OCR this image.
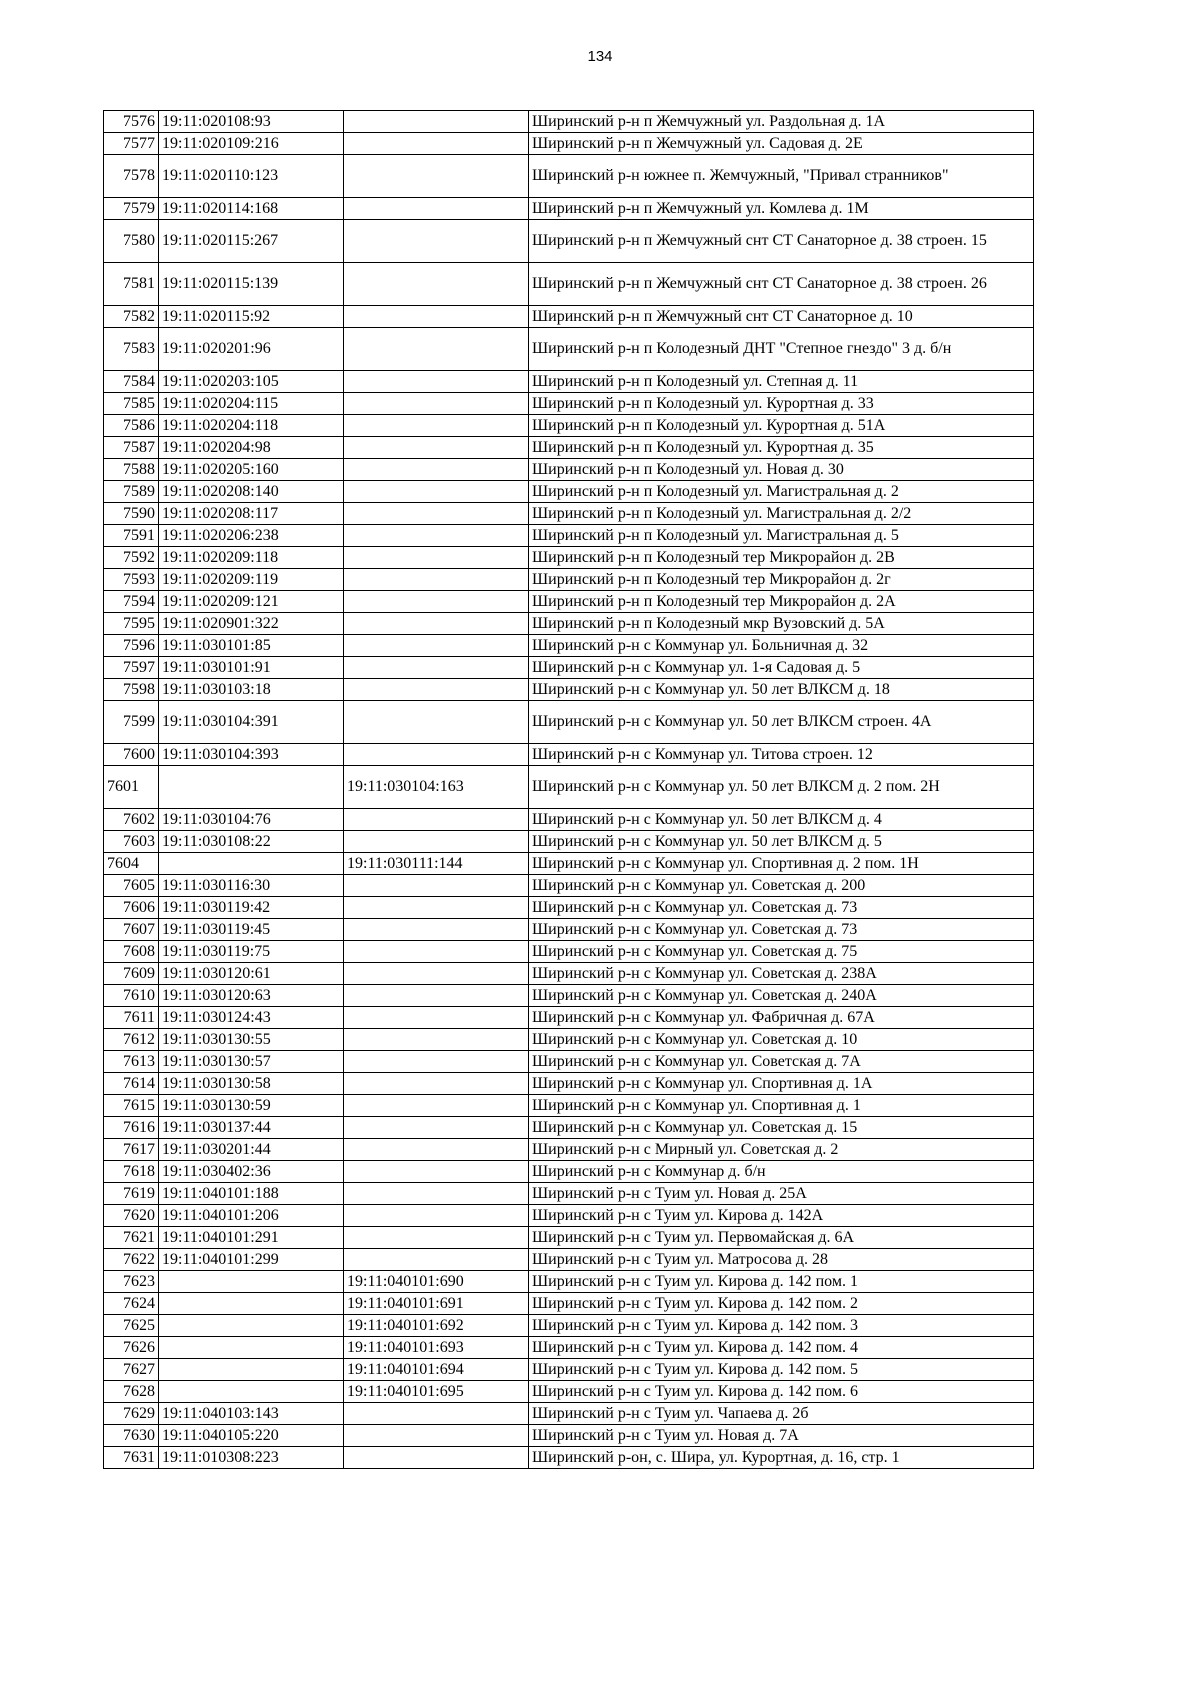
134
7576	19:11:020108:93		Ширинский р-н п Жемчужный ул. Раздольная д. 1А
7577	19:11:020109:216		Ширинский р-н п Жемчужный ул. Садовая д. 2Е
7578	19:11:020110:123		Ширинский р-н южнее п. Жемчужный, "Привал странников"
7579	19:11:020114:168		Ширинский р-н п Жемчужный ул. Комлева д. 1М
7580	19:11:020115:267		Ширинский р-н п Жемчужный снт СТ Санаторное д. 38 строен. 15
7581	19:11:020115:139		Ширинский р-н п Жемчужный снт СТ Санаторное д. 38 строен. 26
7582	19:11:020115:92		Ширинский р-н п Жемчужный снт СТ Санаторное д. 10
7583	19:11:020201:96		Ширинский р-н п Колодезный ДНТ "Степное гнездо" 3 д. б/н
7584	19:11:020203:105		Ширинский р-н п Колодезный ул. Степная д. 11
7585	19:11:020204:115		Ширинский р-н п Колодезный ул. Курортная д. 33
7586	19:11:020204:118		Ширинский р-н п Колодезный ул. Курортная д. 51А
7587	19:11:020204:98		Ширинский р-н п Колодезный ул. Курортная д. 35
7588	19:11:020205:160		Ширинский р-н п Колодезный ул. Новая д. 30
7589	19:11:020208:140		Ширинский р-н п Колодезный ул. Магистральная д. 2
7590	19:11:020208:117		Ширинский р-н п Колодезный ул. Магистральная д. 2/2
7591	19:11:020206:238		Ширинский р-н п Колодезный ул. Магистральная д. 5
7592	19:11:020209:118		Ширинский р-н п Колодезный тер Микрорайон д. 2В
7593	19:11:020209:119		Ширинский р-н п Колодезный тер Микрорайон д. 2г
7594	19:11:020209:121		Ширинский р-н п Колодезный тер Микрорайон д. 2А
7595	19:11:020901:322		Ширинский р-н п Колодезный мкр Вузовский д. 5А
7596	19:11:030101:85		Ширинский р-н с Коммунар ул. Больничная д. 32
7597	19:11:030101:91		Ширинский р-н с Коммунар ул. 1-я Садовая д. 5
7598	19:11:030103:18		Ширинский р-н с Коммунар ул. 50 лет ВЛКСМ д. 18
7599	19:11:030104:391		Ширинский р-н с Коммунар ул. 50 лет ВЛКСМ строен. 4А
7600	19:11:030104:393		Ширинский р-н с Коммунар ул. Титова строен. 12
7601		19:11:030104:163	Ширинский р-н с Коммунар ул. 50 лет ВЛКСМ д. 2 пом. 2Н
7602	19:11:030104:76		Ширинский р-н с Коммунар ул. 50 лет ВЛКСМ д. 4
7603	19:11:030108:22		Ширинский р-н с Коммунар ул. 50 лет ВЛКСМ д. 5
7604		19:11:030111:144	Ширинский р-н с Коммунар ул. Спортивная д. 2 пом. 1Н
7605	19:11:030116:30		Ширинский р-н с Коммунар ул. Советская д. 200
7606	19:11:030119:42		Ширинский р-н с Коммунар ул. Советская д. 73
7607	19:11:030119:45		Ширинский р-н с Коммунар ул. Советская д. 73
7608	19:11:030119:75		Ширинский р-н с Коммунар ул. Советская д. 75
7609	19:11:030120:61		Ширинский р-н с Коммунар ул. Советская д. 238А
7610	19:11:030120:63		Ширинский р-н с Коммунар ул. Советская д. 240А
7611	19:11:030124:43		Ширинский р-н с Коммунар ул. Фабричная д. 67А
7612	19:11:030130:55		Ширинский р-н с Коммунар ул. Советская д. 10
7613	19:11:030130:57		Ширинский р-н с Коммунар ул. Советская д. 7А
7614	19:11:030130:58		Ширинский р-н с Коммунар ул. Спортивная д. 1А
7615	19:11:030130:59		Ширинский р-н с Коммунар ул. Спортивная д. 1
7616	19:11:030137:44		Ширинский р-н с Коммунар ул. Советская д. 15
7617	19:11:030201:44		Ширинский р-н с Мирный ул. Советская д. 2
7618	19:11:030402:36		Ширинский р-н с Коммунар д. б/н
7619	19:11:040101:188		Ширинский р-н с Туим ул. Новая д. 25А
7620	19:11:040101:206		Ширинский р-н с Туим ул. Кирова д. 142А
7621	19:11:040101:291		Ширинский р-н с Туим ул. Первомайская д. 6А
7622	19:11:040101:299		Ширинский р-н с Туим ул. Матросова д. 28
7623		19:11:040101:690	Ширинский р-н с Туим ул. Кирова д. 142 пом. 1
7624		19:11:040101:691	Ширинский р-н с Туим ул. Кирова д. 142 пом. 2
7625		19:11:040101:692	Ширинский р-н с Туим ул. Кирова д. 142 пом. 3
7626		19:11:040101:693	Ширинский р-н с Туим ул. Кирова д. 142 пом. 4
7627		19:11:040101:694	Ширинский р-н с Туим ул. Кирова д. 142 пом. 5
7628		19:11:040101:695	Ширинский р-н с Туим ул. Кирова д. 142 пом. 6
7629	19:11:040103:143		Ширинский р-н с Туим ул. Чапаева д. 2б
7630	19:11:040105:220		Ширинский р-н с Туим ул. Новая д. 7А
7631	19:11:010308:223		Ширинский р-он, с. Шира, ул. Курортная, д. 16, стр. 1
